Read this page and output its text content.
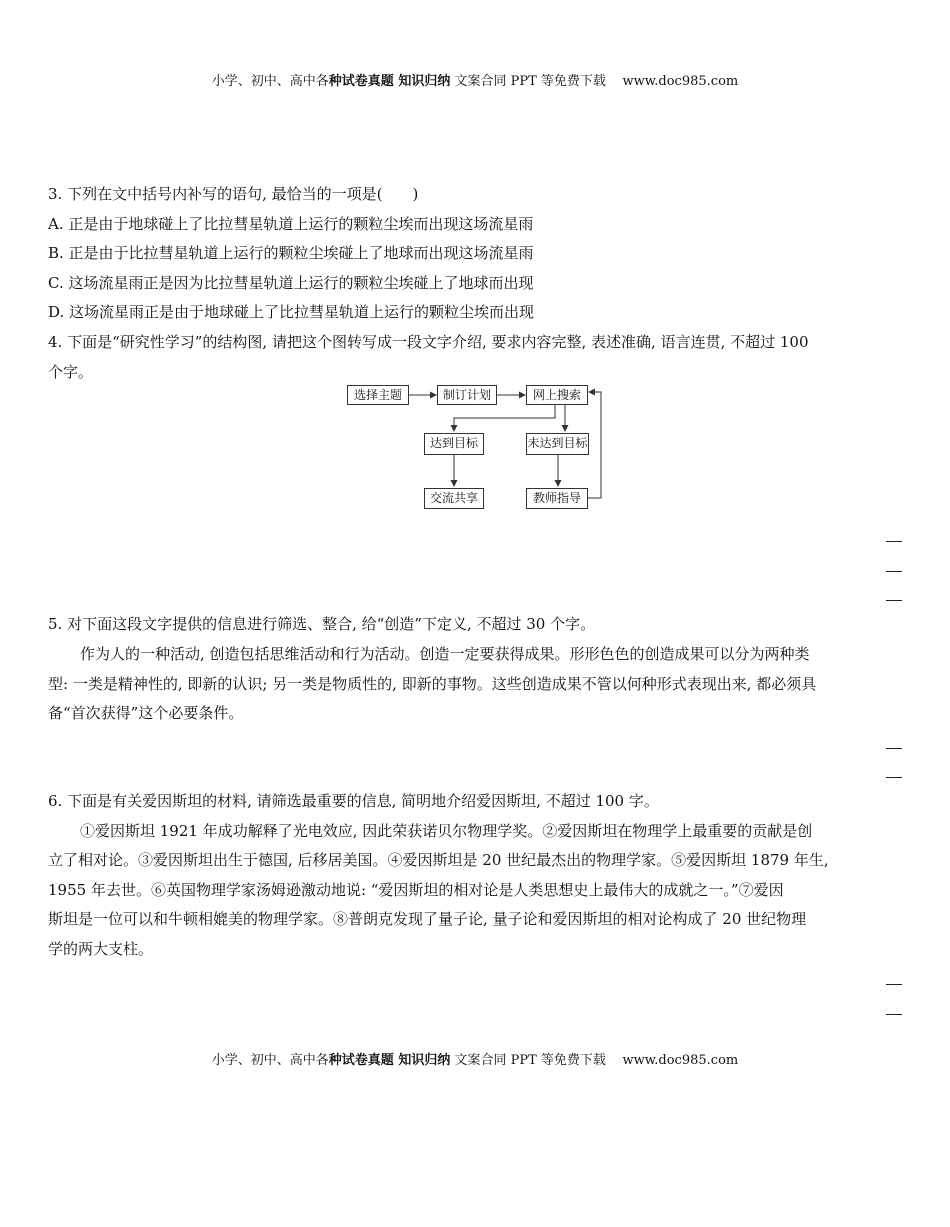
小学、初中、高中各种试卷真题 知识归纳 文案合同 PPT 等免费下载 www.doc985.com
3. 下列在文中括号内补写的语句, 最恰当的一项是(　　)
A. 正是由于地球碰上了比拉彗星轨道上运行的颗粒尘埃而出现这场流星雨
B. 正是由于比拉彗星轨道上运行的颗粒尘埃碰上了地球而出现这场流星雨
C. 这场流星雨正是因为比拉彗星轨道上运行的颗粒尘埃碰上了地球而出现
D. 这场流星雨正是由于地球碰上了比拉彗星轨道上运行的颗粒尘埃而出现
4. 下面是“研究性学习”的结构图, 请把这个图转写成一段文字介绍, 要求内容完整, 表述准确, 语言连贯, 不超过 100
个字。
选择主题	制订计划	网上搜索
达到目标	未达到目标
交流共享	教师指导
5. 对下面这段文字提供的信息进行筛选、整合, 给“创造”下定义, 不超过 30 个字。
作为人的一种活动, 创造包括思维活动和行为活动。创造一定要获得成果。形形色色的创造成果可以分为两种类
型: 一类是精神性的, 即新的认识; 另一类是物质性的, 即新的事物。这些创造成果不管以何种形式表现出来, 都必须具
备“首次获得”这个必要条件。
6. 下面是有关爱因斯坦的材料, 请筛选最重要的信息, 简明地介绍爱因斯坦, 不超过 100 字。
①爱因斯坦 1921 年成功解释了光电效应, 因此荣获诺贝尔物理学奖。②爱因斯坦在物理学上最重要的贡献是创
立了相对论。③爱因斯坦出生于德国, 后移居美国。④爱因斯坦是 20 世纪最杰出的物理学家。⑤爱因斯坦 1879 年生,
1955 年去世。⑥英国物理学家汤姆逊激动地说: “爱因斯坦的相对论是人类思想史上最伟大的成就之一。”⑦爱因
斯坦是一位可以和牛顿相媲美的物理学家。⑧普朗克发现了量子论, 量子论和爱因斯坦的相对论构成了 20 世纪物理
学的两大支柱。
小学、初中、高中各种试卷真题 知识归纳 文案合同 PPT 等免费下载 www.doc985.com
